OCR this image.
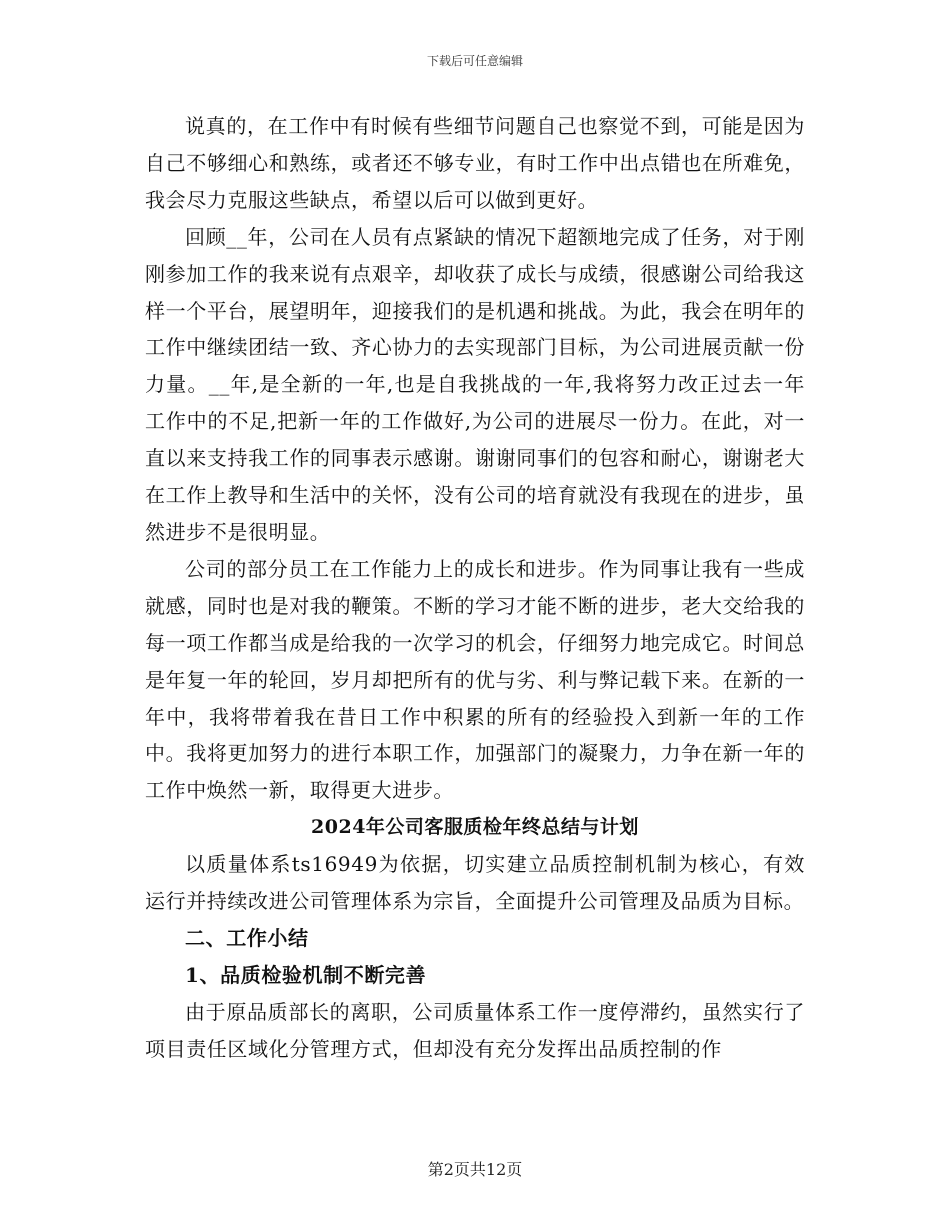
下载后可任意编辑

说真的，在工作中有时候有些细节问题自己也察觉不到，可能是因为自己不够细心和熟练，或者还不够专业，有时工作中出点错也在所难免，我会尽力克服这些缺点，希望以后可以做到更好。

回顾__年，公司在人员有点紧缺的情况下超额地完成了任务，对于刚刚参加工作的我来说有点艰辛，却收获了成长与成绩，很感谢公司给我这样一个平台，展望明年，迎接我们的是机遇和挑战。为此，我会在明年的工作中继续团结一致、齐心协力的去实现部门目标，为公司进展贡献一份力量。__年,是全新的一年,也是自我挑战的一年,我将努力改正过去一年工作中的不足,把新一年的工作做好,为公司的进展尽一份力。在此，对一直以来支持我工作的同事表示感谢。谢谢同事们的包容和耐心，谢谢老大在工作上教导和生活中的关怀，没有公司的培育就没有我现在的进步，虽然进步不是很明显。

公司的部分员工在工作能力上的成长和进步。作为同事让我有一些成就感，同时也是对我的鞭策。不断的学习才能不断的进步，老大交给我的每一项工作都当成是给我的一次学习的机会，仔细努力地完成它。时间总是年复一年的轮回，岁月却把所有的优与劣、利与弊记载下来。在新的一年中，我将带着我在昔日工作中积累的所有的经验投入到新一年的工作中。我将更加努力的进行本职工作，加强部门的凝聚力，力争在新一年的工作中焕然一新，取得更大进步。

2024年公司客服质检年终总结与计划

以质量体系ts16949为依据，切实建立品质控制机制为核心，有效运行并持续改进公司管理体系为宗旨，全面提升公司管理及品质为目标。

二、工作小结

1、品质检验机制不断完善

由于原品质部长的离职，公司质量体系工作一度停滞约，虽然实行了项目责任区域化分管理方式，但却没有充分发挥出品质控制的作

第2页共12页
